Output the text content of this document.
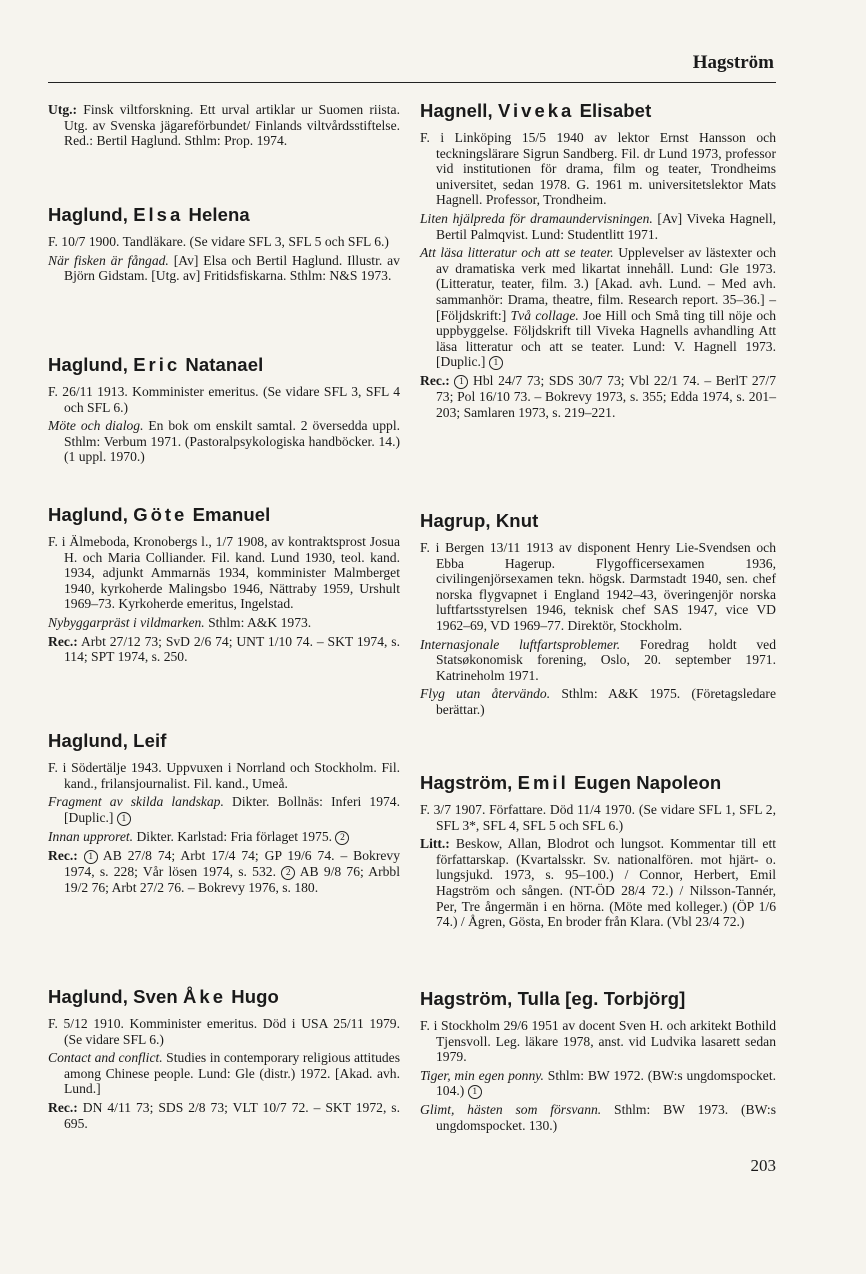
Hagström

Utg.: Finsk viltforskning. Ett urval artiklar ur Suomen riista. Utg. av Svenska jägareförbundet/ Finlands viltvårdsstiftelse. Red.: Bertil Haglund. Sthlm: Prop. 1974.

Haglund, Elsa Helena

F. 10/7 1900. Tandläkare. (Se vidare SFL 3, SFL 5 och SFL 6.)

När fisken är fångad. [Av] Elsa och Bertil Haglund. Illustr. av Björn Gidstam. [Utg. av] Fritidsfiskarna. Sthlm: N&S 1973.

Haglund, Eric Natanael

F. 26/11 1913. Komminister emeritus. (Se vidare SFL 3, SFL 4 och SFL 6.)

Möte och dialog. En bok om enskilt samtal. 2 översedda uppl. Sthlm: Verbum 1971. (Pastoralpsykologiska handböcker. 14.) (1 uppl. 1970.)

Haglund, Göte Emanuel

F. i Älmeboda, Kronobergs l., 1/7 1908, av kontraktsprost Josua H. och Maria Colliander. Fil. kand. Lund 1930, teol. kand. 1934, adjunkt Ammarnäs 1934, komminister Malmberget 1940, kyrkoherde Malingsbo 1946, Nättraby 1959, Urshult 1969–73. Kyrkoherde emeritus, Ingelstad.

Nybyggarpräst i vildmarken. Sthlm: A&K 1973.

Rec.: Arbt 27/12 73; SvD 2/6 74; UNT 1/10 74. – SKT 1974, s. 114; SPT 1974, s. 250.

Haglund, Leif

F. i Södertälje 1943. Uppvuxen i Norrland och Stockholm. Fil. kand., frilansjournalist. Fil. kand., Umeå.

Fragment av skilda landskap. Dikter. Bollnäs: Inferi 1974. [Duplic.] 1

Innan upproret. Dikter. Karlstad: Fria förlaget 1975. 2

Rec.: 1 AB 27/8 74; Arbt 17/4 74; GP 19/6 74. – Bokrevy 1974, s. 228; Vår lösen 1974, s. 532. 2 AB 9/8 76; Arbbl 19/2 76; Arbt 27/2 76. – Bokrevy 1976, s. 180.

Haglund, Sven Åke Hugo

F. 5/12 1910. Komminister emeritus. Död i USA 25/11 1979. (Se vidare SFL 6.)

Contact and conflict. Studies in contemporary religious attitudes among Chinese people. Lund: Gle (distr.) 1972. [Akad. avh. Lund.]

Rec.: DN 4/11 73; SDS 2/8 73; VLT 10/7 72. – SKT 1972, s. 695.

Hagnell, Viveka Elisabet

F. i Linköping 15/5 1940 av lektor Ernst Hansson och teckningslärare Sigrun Sandberg. Fil. dr Lund 1973, professor vid institutionen för drama, film og teater, Trondheims universitet, sedan 1978. G. 1961 m. universitetslektor Mats Hagnell. Professor, Trondheim.

Liten hjälpreda för dramaundervisningen. [Av] Viveka Hagnell, Bertil Palmqvist. Lund: Studentlitt 1971.

Att läsa litteratur och att se teater. Upplevelser av lästexter och av dramatiska verk med likartat innehåll. Lund: Gle 1973. (Litteratur, teater, film. 3.) [Akad. avh. Lund. – Med avh. sammanhör: Drama, theatre, film. Research report. 35–36.] – [Följdskrift:] Två collage. Joe Hill och Små ting till nöje och uppbyggelse. Följdskrift till Viveka Hagnells avhandling Att läsa litteratur och att se teater. Lund: V. Hagnell 1973. [Duplic.] 1

Rec.: 1 Hbl 24/7 73; SDS 30/7 73; Vbl 22/1 74. – BerlT 27/7 73; Pol 16/10 73. – Bokrevy 1973, s. 355; Edda 1974, s. 201–203; Samlaren 1973, s. 219–221.

Hagrup, Knut

F. i Bergen 13/11 1913 av disponent Henry Lie-Svendsen och Ebba Hagerup. Flygofficersexamen 1936, civilingenjörsexamen tekn. högsk. Darmstadt 1940, sen. chef norska flygvapnet i England 1942–43, överingenjör norska luftfartsstyrelsen 1946, teknisk chef SAS 1947, vice VD 1962–69, VD 1969–77. Direktör, Stockholm.

Internasjonale luftfartsproblemer. Foredrag holdt ved Statsøkonomisk forening, Oslo, 20. september 1971. Katrineholm 1971.

Flyg utan återvändo. Sthlm: A&K 1975. (Företagsledare berättar.)

Hagström, Emil Eugen Napoleon

F. 3/7 1907. Författare. Död 11/4 1970. (Se vidare SFL 1, SFL 2, SFL 3*, SFL 4, SFL 5 och SFL 6.)

Litt.: Beskow, Allan, Blodrot och lungsot. Kommentar till ett författarskap. (Kvartalsskr. Sv. nationalfören. mot hjärt- o. lungsjukd. 1973, s. 95–100.) / Connor, Herbert, Emil Hagström och sången. (NT-ÖD 28/4 72.) / Nilsson-Tannér, Per, Tre ångermän i en hörna. (Möte med kolleger.) (ÖP 1/6 74.) / Ågren, Gösta, En broder från Klara. (Vbl 23/4 72.)

Hagström, Tulla [eg. Torbjörg]

F. i Stockholm 29/6 1951 av docent Sven H. och arkitekt Bothild Tjensvoll. Leg. läkare 1978, anst. vid Ludvika lasarett sedan 1979.

Tiger, min egen ponny. Sthlm: BW 1972. (BW:s ungdomspocket. 104.) 1

Glimt, hästen som försvann. Sthlm: BW 1973. (BW:s ungdomspocket. 130.)

203
